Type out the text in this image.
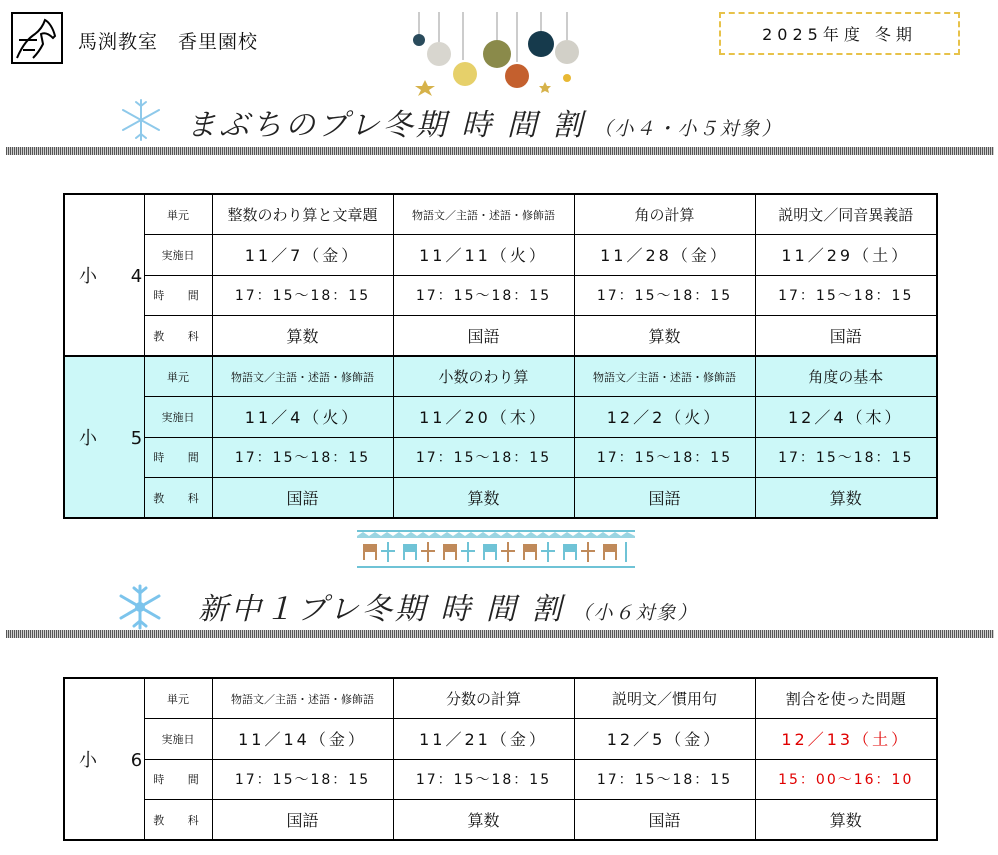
馬渕教室　香里園校	2025年度 冬期
まぶちのプレ冬期 時 間 割 （小４・小５対象）
小 4	単元	整数のわり算と文章題	物語文／主語・述語・修飾語	角の計算	説明文／同音異義語
	実施日	11／7（金）	11／11（火）	11／28（金）	11／29（土）
	時 間	17：15〜18：15	17：15〜18：15	17：15〜18：15	17：15〜18：15
	教 科	算数	国語	算数	国語
小 5	単元	物語文／主語・述語・修飾語	小数のわり算	物語文／主語・述語・修飾語	角度の基本
	実施日	11／4（火）	11／20（木）	12／2（火）	12／4（木）
	時 間	17：15〜18：15	17：15〜18：15	17：15〜18：15	17：15〜18：15
	教 科	国語	算数	国語	算数
新中１プレ冬期 時 間 割 （小６対象）
小 6	単元	物語文／主語・述語・修飾語	分数の計算	説明文／慣用句	割合を使った問題
	実施日	11／14（金）	11／21（金）	12／5（金）	12／13（土）
	時 間	17：15〜18：15	17：15〜18：15	17：15〜18：15	15：00〜16：10
	教 科	国語	算数	国語	算数
